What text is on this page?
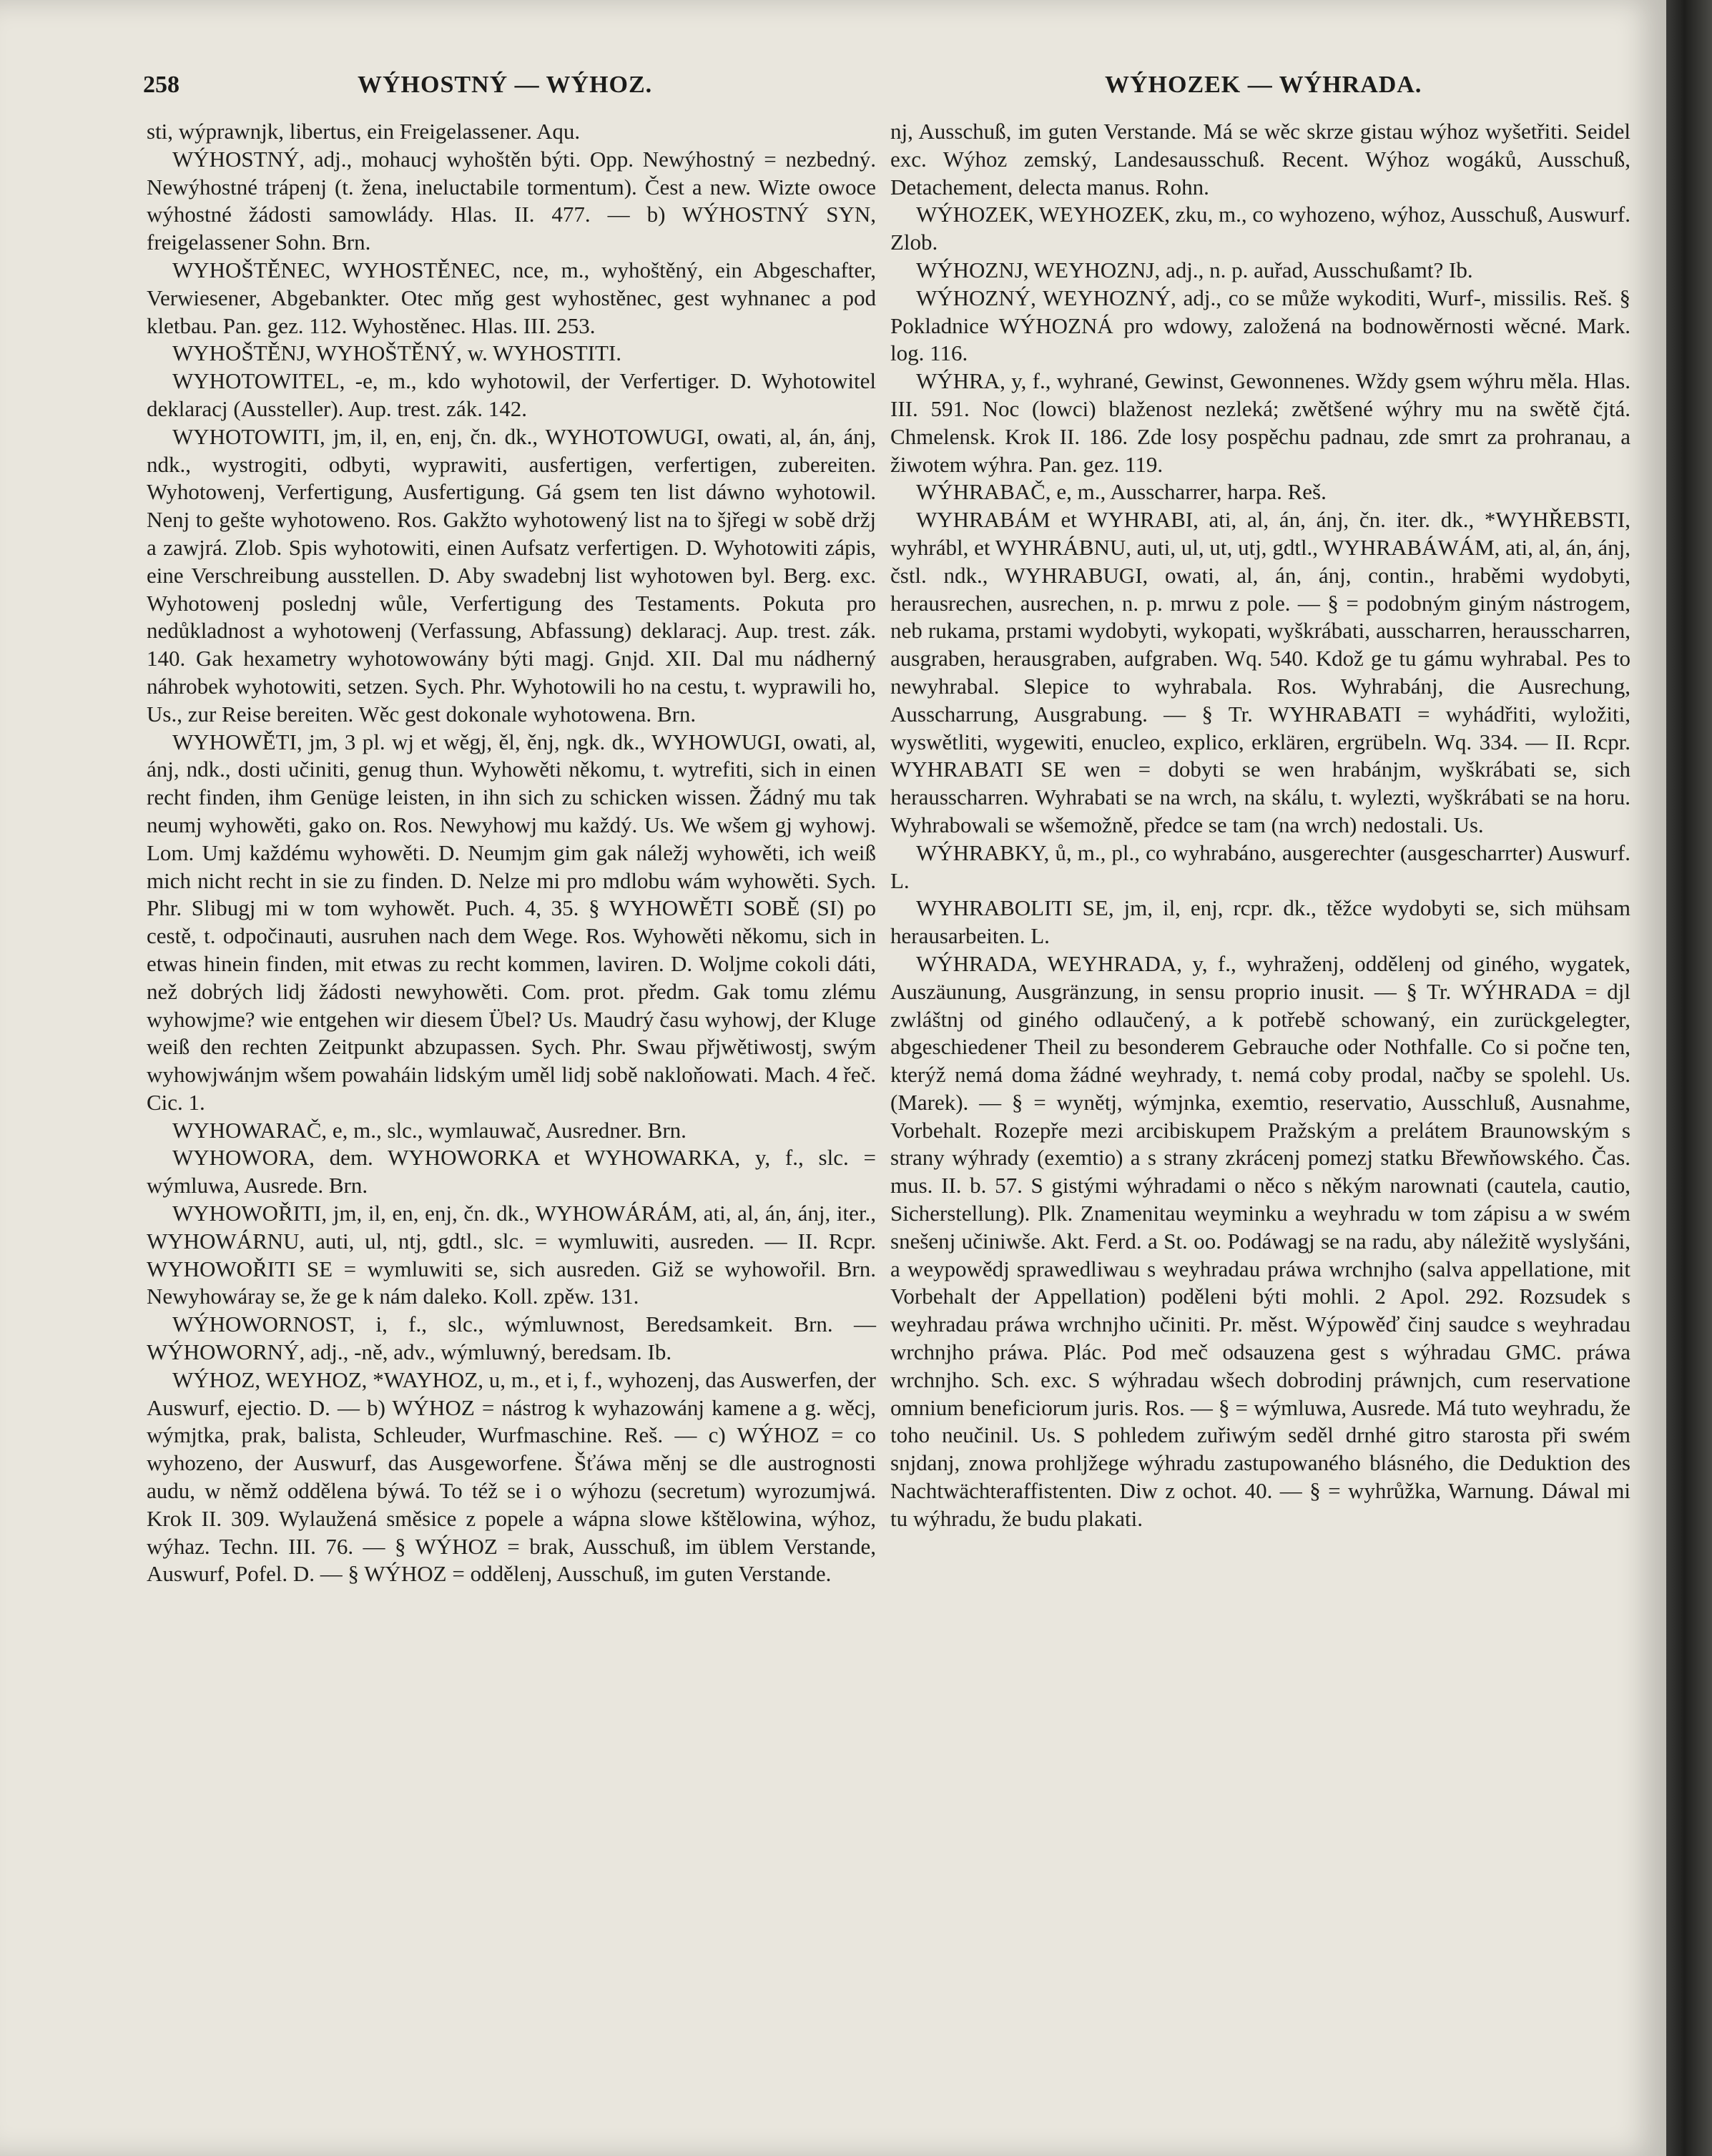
258	WÝHOSTNÝ — WÝHOZ.	WÝHOZEK — WÝHRADA.

sti, wýprawnjk, libertus, ein Freigelassener. Aqu.

WÝHOSTNÝ, adj., mohaucj wyhoštěn býti. Opp. Newýhostný = nezbedný. Newýhostné trápenj (t. žena, ineluctabile tormentum). Čest a new. Wizte owoce wýhostné žádosti samowlády. Hlas. II. 477. — b) WÝHOSTNÝ SYN, freigelassener Sohn. Brn.

WYHOŠTĚNEC, WYHOSTĚNEC, nce, m., wyhoštěný, ein Abgeschafter, Verwiesener, Abgebankter. Otec mňg gest wyhostěnec, gest wyhnanec a pod kletbau. Pan. gez. 112. Wyhostěnec. Hlas. III. 253.

WYHOŠTĚNJ, WYHOŠTĚNÝ, w. WYHOSTITI.

WYHOTOWITEL, -e, m., kdo wyhotowil, der Verfertiger. D. Wyhotowitel deklaracj (Aussteller). Aup. trest. zák. 142.

WYHOTOWITI, jm, il, en, enj, čn. dk., WYHOTOWUGI, owati, al, án, ánj, ndk., wystrogiti, odbyti, wyprawiti, ausfertigen, verfertigen, zubereiten. Wyhotowenj, Verfertigung, Ausfertigung. Gá gsem ten list dáwno wyhotowil. Nenj to gešte wyhotoweno. Ros. Gakžto wyhotowený list na to šjřegi w sobě držj a zawjrá. Zlob. Spis wyhotowiti, einen Aufsatz verfertigen. D. Wyhotowiti zápis, eine Verschreibung ausstellen. D. Aby swadebnj list wyhotowen byl. Berg. exc. Wyhotowenj poslednj wůle, Verfertigung des Testaments. Pokuta pro nedůkladnost a wyhotowenj (Verfassung, Abfassung) deklaracj. Aup. trest. zák. 140. Gak hexametry wyhotowowány býti magj. Gnjd. XII. Dal mu nádherný náhrobek wyhotowiti, setzen. Sych. Phr. Wyhotowili ho na cestu, t. wyprawili ho, Us., zur Reise bereiten. Wěc gest dokonale wyhotowena. Brn.

WYHOWĚTI, jm, 3 pl. wj et wěgj, ěl, ěnj, ngk. dk., WYHOWUGI, owati, al, ánj, ndk., dosti učiniti, genug thun. Wyhowěti někomu, t. wytrefiti, sich in einen recht finden, ihm Genüge leisten, in ihn sich zu schicken wissen. Žádný mu tak neumj wyhowěti, gako on. Ros. Newyhowj mu každý. Us. We wšem gj wyhowj. Lom. Umj každému wyhowěti. D. Neumjm gim gak náležj wyhowěti, ich weiß mich nicht recht in sie zu finden. D. Nelze mi pro mdlobu wám wyhowěti. Sych. Phr. Slibugj mi w tom wyhowět. Puch. 4, 35. § WYHOWĚTI SOBĚ (SI) po cestě, t. odpočinauti, ausruhen nach dem Wege. Ros. Wyhowěti někomu, sich in etwas hinein finden, mit etwas zu recht kommen, laviren. D. Woljme cokoli dáti, než dobrých lidj žádosti newyhowěti. Com. prot. předm. Gak tomu zlému wyhowjme? wie entgehen wir diesem Übel? Us. Maudrý času wyhowj, der Kluge weiß den rechten Zeitpunkt abzupassen. Sych. Phr. Swau přjwětiwostj, swým wyhowjwánjm wšem powaháin lidským uměl lidj sobě nakloňowati. Mach. 4 řeč. Cic. 1.

WYHOWARAČ, e, m., slc., wymlauwač, Ausredner. Brn.

WYHOWORA, dem. WYHOWORKA et WYHOWARKA, y, f., slc. = wýmluwa, Ausrede. Brn.

WYHOWOŘITI, jm, il, en, enj, čn. dk., WYHOWÁRÁM, ati, al, án, ánj, iter., WYHOWÁRNU, auti, ul, ntj, gdtl., slc. = wymluwiti, ausreden. — II. Rcpr. WYHOWOŘITI SE = wymluwiti se, sich ausreden. Giž se wyhowořil. Brn. Newyhowáray se, že ge k nám daleko. Koll. zpěw. 131.

WÝHOWORNOST, i, f., slc., wýmluwnost, Beredsamkeit. Brn. — WÝHOWORNÝ, adj., -ně, adv., wýmluwný, beredsam. Ib.

WÝHOZ, WEYHOZ, *WAYHOZ, u, m., et i, f., wyhozenj, das Auswerfen, der Auswurf, ejectio. D. — b) WÝHOZ = nástrog k wyhazowánj kamene a g. wěcj, wýmjtka, prak, balista, Schleuder, Wurfmaschine. Reš. — c) WÝHOZ = co wyhozeno, der Auswurf, das Ausgeworfene. Šťáwa měnj se dle austrognosti audu, w němž oddělena býwá. To též se i o wýhozu (secretum) wyrozumjwá. Krok II. 309. Wylaužená směsice z popele a wápna slowe kštělowina, wýhoz, wýhaz. Techn. III. 76. — § WÝHOZ = brak, Ausschuß, im üblem Verstande, Auswurf, Pofel. D. — § WÝHOZ = oddělenj, Ausschuß, im guten Verstande.

nj, Ausschuß, im guten Verstande. Má se wěc skrze gistau wýhoz wyšetřiti. Seidel exc. Wýhoz zemský, Landesausschuß. Recent. Wýhoz wogáků, Ausschuß, Detachement, delecta manus. Rohn.

WÝHOZEK, WEYHOZEK, zku, m., co wyhozeno, wýhoz, Ausschuß, Auswurf. Zlob.

WÝHOZNJ, WEYHOZNJ, adj., n. p. auřad, Ausschußamt? Ib.

WÝHOZNÝ, WEYHOZNÝ, adj., co se může wykoditi, Wurf-, missilis. Reš. § Pokladnice WÝHOZNÁ pro wdowy, založená na bodnowěrnosti wěcné. Mark. log. 116.

WÝHRA, y, f., wyhrané, Gewinst, Gewonnenes. Wždy gsem wýhru měla. Hlas. III. 591. Noc (lowci) blaženost nezleká; zwětšené wýhry mu na swětě čjtá. Chmelensk. Krok II. 186. Zde losy pospěchu padnau, zde smrt za prohranau, a žiwotem wýhra. Pan. gez. 119.

WÝHRABAČ, e, m., Ausscharrer, harpa. Reš.

WYHRABÁM et WYHRABI, ati, al, án, ánj, čn. iter. dk., *WYHŘEBSTI, wyhrábl, et WYHRÁBNU, auti, ul, ut, utj, gdtl., WYHRABÁWÁM, ati, al, án, ánj, čstl. ndk., WYHRABUGI, owati, al, án, ánj, contin., hraběmi wydobyti, herausrechen, ausrechen, n. p. mrwu z pole. — § = podobným giným nástrogem, neb rukama, prstami wydobyti, wykopati, wyškrábati, ausscharren, herausscharren, ausgraben, herausgraben, aufgraben. Wq. 540. Kdož ge tu gámu wyhrabal. Pes to newyhrabal. Slepice to wyhrabala. Ros. Wyhrabánj, die Ausrechung, Ausscharrung, Ausgrabung. — § Tr. WYHRABATI = wyhádřiti, wyložiti, wyswětliti, wygewiti, enucleo, explico, erklären, ergrübeln. Wq. 334. — II. Rcpr. WYHRABATI SE wen = dobyti se wen hrabánjm, wyškrábati se, sich herausscharren. Wyhrabati se na wrch, na skálu, t. wylezti, wyškrábati se na horu. Wyhrabowali se wšemožně, předce se tam (na wrch) nedostali. Us.

WÝHRABKY, ů, m., pl., co wyhrabáno, ausgerechter (ausgescharrter) Auswurf. L.

WYHRABOLITI SE, jm, il, enj, rcpr. dk., těžce wydobyti se, sich mühsam herausarbeiten. L.

WÝHRADA, WEYHRADA, y, f., wyhraženj, oddělenj od giného, wygatek, Auszäunung, Ausgränzung, in sensu proprio inusit. — § Tr. WÝHRADA = djl zwláštnj od giného odlaučený, a k potřebě schowaný, ein zurückgelegter, abgeschiedener Theil zu besonderem Gebrauche oder Nothfalle. Co si počne ten, kterýž nemá doma žádné weyhrady, t. nemá coby prodal, načby se spolehl. Us. (Marek). — § = wynětj, wýmjnka, exemtio, reservatio, Ausschluß, Ausnahme, Vorbehalt. Rozepře mezi arcibiskupem Pražským a prelátem Braunowským s strany wýhrady (exemtio) a s strany zkrácenj pomezj statku Břewňowského. Čas. mus. II. b. 57. S gistými wýhradami o něco s někým narownati (cautela, cautio, Sicherstellung). Plk. Znamenitau weyminku a weyhradu w tom zápisu a w swém snešenj učiniwše. Akt. Ferd. a St. oo. Podáwagj se na radu, aby náležitě wyslyšáni, a weypowědj sprawedliwau s weyhradau práwa wrchnjho (salva appellatione, mit Vorbehalt der Appellation) poděleni býti mohli. 2 Apol. 292. Rozsudek s weyhradau práwa wrchnjho učiniti. Pr. měst. Wýpowěď činj saudce s weyhradau wrchnjho práwa. Plác. Pod meč odsauzena gest s wýhradau GMC. práwa wrchnjho. Sch. exc. S wýhradau wšech dobrodinj práwnjch, cum reservatione omnium beneficiorum juris. Ros. — § = wýmluwa, Ausrede. Má tuto weyhradu, že toho neučinil. Us. S pohledem zuřiwým seděl drnhé gitro starosta při swém snjdanj, znowa prohljžege wýhradu zastupowaného blásného, die Deduktion des Nachtwächteraffistenten. Diw z ochot. 40. — § = wyhrůžka, Warnung. Dáwal mi tu wýhradu, že budu plakati.
